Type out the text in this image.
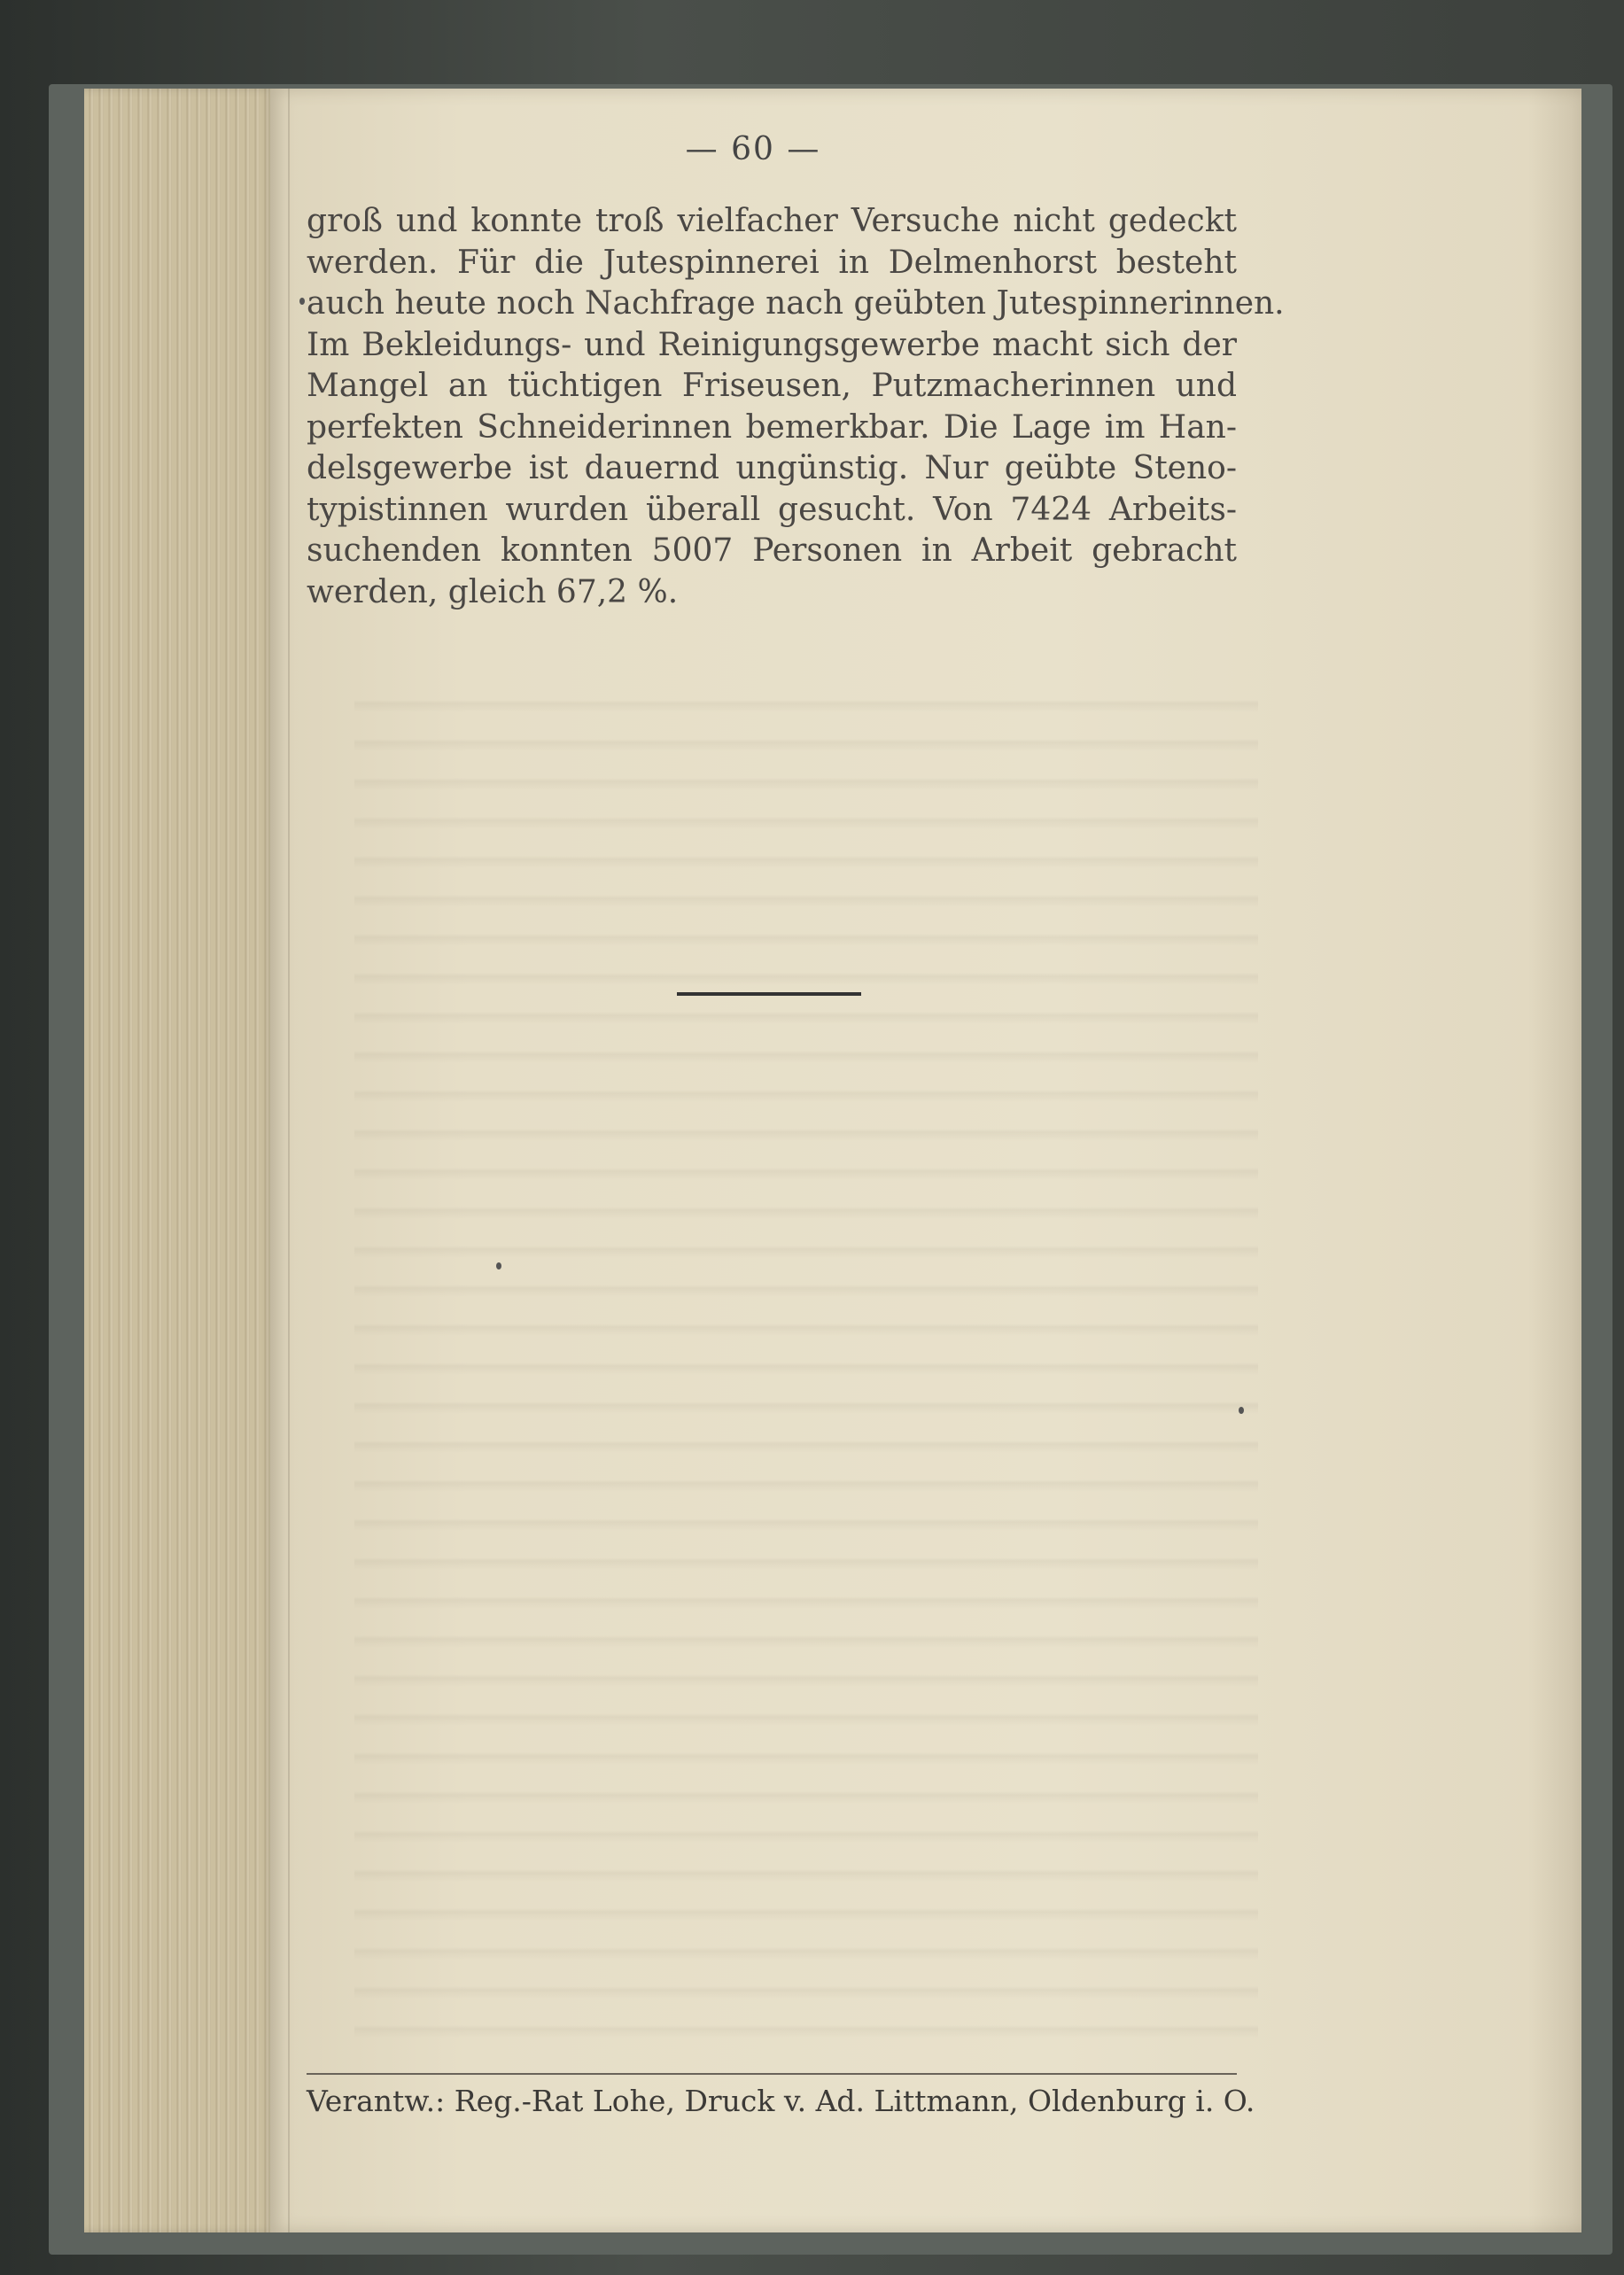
— 60 —
groß und konnte troß vielfacher Versuche nicht gedeckt
werden. Für die Jutespinnerei in Delmenhorst besteht
auch heute noch Nachfrage nach geübten Jutespinnerinnen.
Im Bekleidungs- und Reinigungsgewerbe macht sich der
Mangel an tüchtigen Friseusen, Putzmacherinnen und
perfekten Schneiderinnen bemerkbar. Die Lage im Han-
delsgewerbe ist dauernd ungünstig. Nur geübte Steno-
typistinnen wurden überall gesucht. Von 7424 Arbeits-
suchenden konnten 5007 Personen in Arbeit gebracht
werden, gleich 67,2 %.
Verantw.: Reg.-Rat Lohe, Druck v. Ad. Littmann, Oldenburg i. O.
